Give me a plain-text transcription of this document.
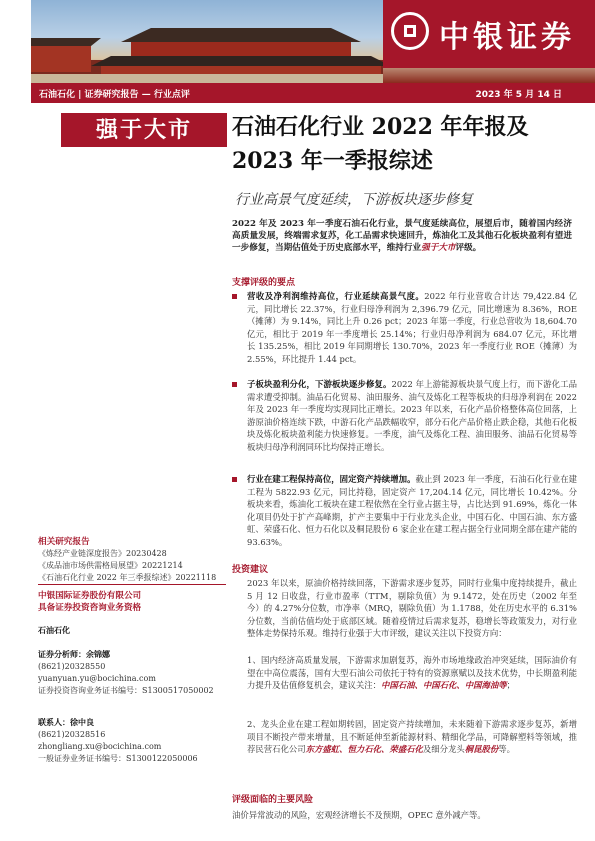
中银证券
石油石化 | 证券研究报告 — 行业点评	2023 年 5 月 14 日
强于大市	石油石化行业 2022 年年报及 2023 年一季报综述
行业高景气度延续，下游板块逐步修复
2022 年及 2023 年一季度石油石化行业，景气度延续高位，展望后市，随着国内经济高质量发展，终端需求复苏，化工品需求快速回升，炼油化工及其他石化板块盈利有望进一步修复，当期估值处于历史底部水平，维持行业强于大市评级。
支撑评级的要点
营收及净利润维持高位，行业延续高景气度。2022 年行业营收合计达 79,422.84 亿元，同比增长 22.37%，行业归母净利润为 2,396.79 亿元，同比增速为 8.36%，ROE（摊薄）为 9.14%，同比上升 0.26 pct；2023 年第一季度，行业总营收为 18,604.70 亿元，相比于 2019 年一季度增长 25.14%；行业归母净利润为 684.07 亿元，环比增长 135.25%，相比 2019 年同期增长 130.70%，2023 年一季度行业 ROE（摊薄）为 2.55%，环比提升 1.44 pct。
子板块盈利分化，下游板块逐步修复。2022 年上游能源板块景气度上行，而下游化工品需求遭受抑制。油品石化贸易、油田服务、油气及炼化工程等板块的归母净利润在 2022 年及 2023 年一季度均实现同比正增长。2023 年以来，石化产品价格整体高位回落，上游原油价格连续下跌，中游石化产品跌幅收窄，部分石化产品价格止跌企稳，其他石化板块及炼化板块盈利能力快速修复。一季度，油气及炼化工程、油田服务、油品石化贸易等板块归母净利润同环比均保持正增长。
行业在建工程保持高位，固定资产持续增加。截止到 2023 年一季度，石油石化行业在建工程为 5822.93 亿元，同比持稳，固定资产 17,204.14 亿元，同比增长 10.42%。分板块来看，炼油化工板块在建工程依然在全行业占据主导，占比达到 91.69%，炼化一体化项目仍处于扩产高峰期，扩产主要集中于行业龙头企业，中国石化、中国石油、东方盛虹、荣盛石化、恒力石化以及桐昆股份 6 家企业在建工程占据全行业同期全部在建产能的 93.63%。
投资建议
2023 年以来，原油价格持续回落，下游需求逐步复苏，同时行业集中度持续提升，截止 5 月 12 日收盘，行业市盈率（TTM，剔除负值）为 9.1472，处在历史（2002 年至今）的 4.27%分位数，市净率（MRQ，剔除负值）为 1.1788，处在历史水平的 6.31%分位数，当前估值均处于底部区域。随着疫情过后需求复苏，稳增长等政策发力，对行业整体走势保持乐观。维持行业强于大市评级，建议关注以下投资方向：
1、国内经济高质量发展，下游需求加剧复苏，海外市场地缘政治冲突延续，国际油价有望在中高位震荡，国有大型石油公司依托于特有的资源禀赋以及技术优势，中长期盈利能力提升及估值修复机会，建议关注：中国石油、中国石化、中国海油等；
2、龙头企业在建工程如期转固，固定资产持续增加，未来随着下游需求逐步复苏，新增项目不断投产带来增量，且不断延伸至新能源材料、精细化学品，可降解塑料等领域，推荐民营石化公司东方盛虹、恒力石化、荣盛石化及细分龙头桐昆股份等。
评级面临的主要风险
油价异常波动的风险，宏观经济增长不及预期，OPEC 意外减产等。
相关研究报告
《炼经产业链深度报告》20230428
《成品油市场供需格局展望》20221214
《石油石化行业 2022 年三季报综述》20221118
中银国际证券股份有限公司
具备证券投资咨询业务资格
石油石化
证券分析师：余锦娜
(8621)20328550
yuanyuan.yu@bocichina.com
证券投资咨询业务证书编号：S1300517050002
联系人：徐中良
(8621)20328516
zhongliang.xu@bocichina.com
一般证券业务证书编号：S1300122050006
